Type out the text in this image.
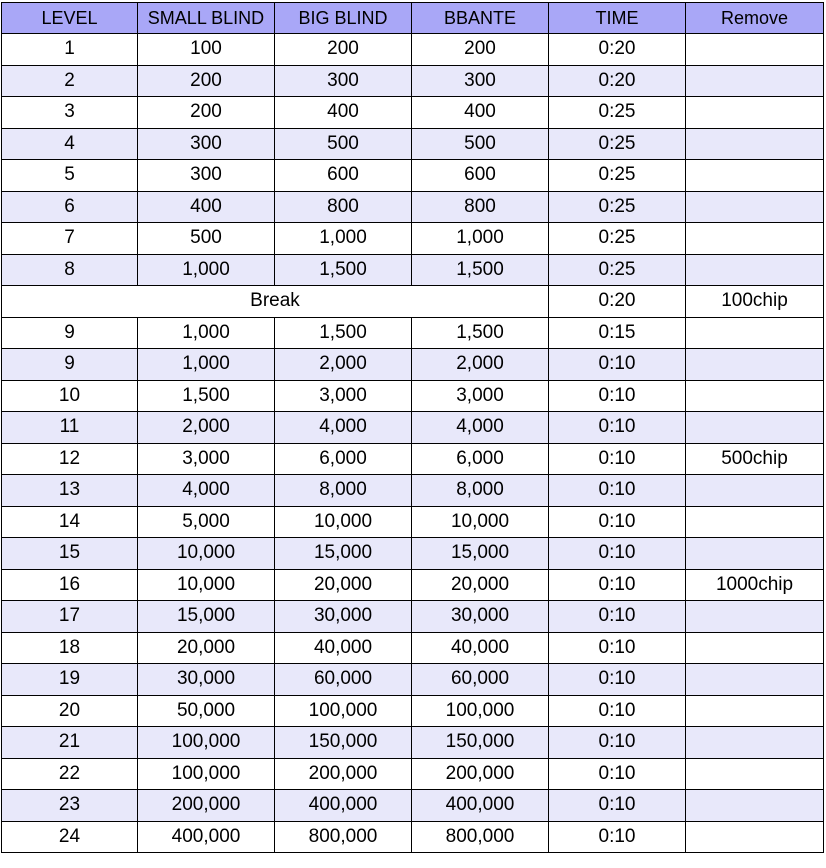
LEVEL	SMALL BLIND	BIG BLIND	BBANTE	TIME	Remove
1	100	200	200	0:20	
2	200	300	300	0:20	
3	200	400	400	0:25	
4	300	500	500	0:25	
5	300	600	600	0:25	
6	400	800	800	0:25	
7	500	1,000	1,000	0:25	
8	1,000	1,500	1,500	0:25	
Break				0:20	100chip
9	1,000	1,500	1,500	0:15	
9	1,000	2,000	2,000	0:10	
10	1,500	3,000	3,000	0:10	
11	2,000	4,000	4,000	0:10	
12	3,000	6,000	6,000	0:10	500chip
13	4,000	8,000	8,000	0:10	
14	5,000	10,000	10,000	0:10	
15	10,000	15,000	15,000	0:10	
16	10,000	20,000	20,000	0:10	1000chip
17	15,000	30,000	30,000	0:10	
18	20,000	40,000	40,000	0:10	
19	30,000	60,000	60,000	0:10	
20	50,000	100,000	100,000	0:10	
21	100,000	150,000	150,000	0:10	
22	100,000	200,000	200,000	0:10	
23	200,000	400,000	400,000	0:10	
24	400,000	800,000	800,000	0:10	
